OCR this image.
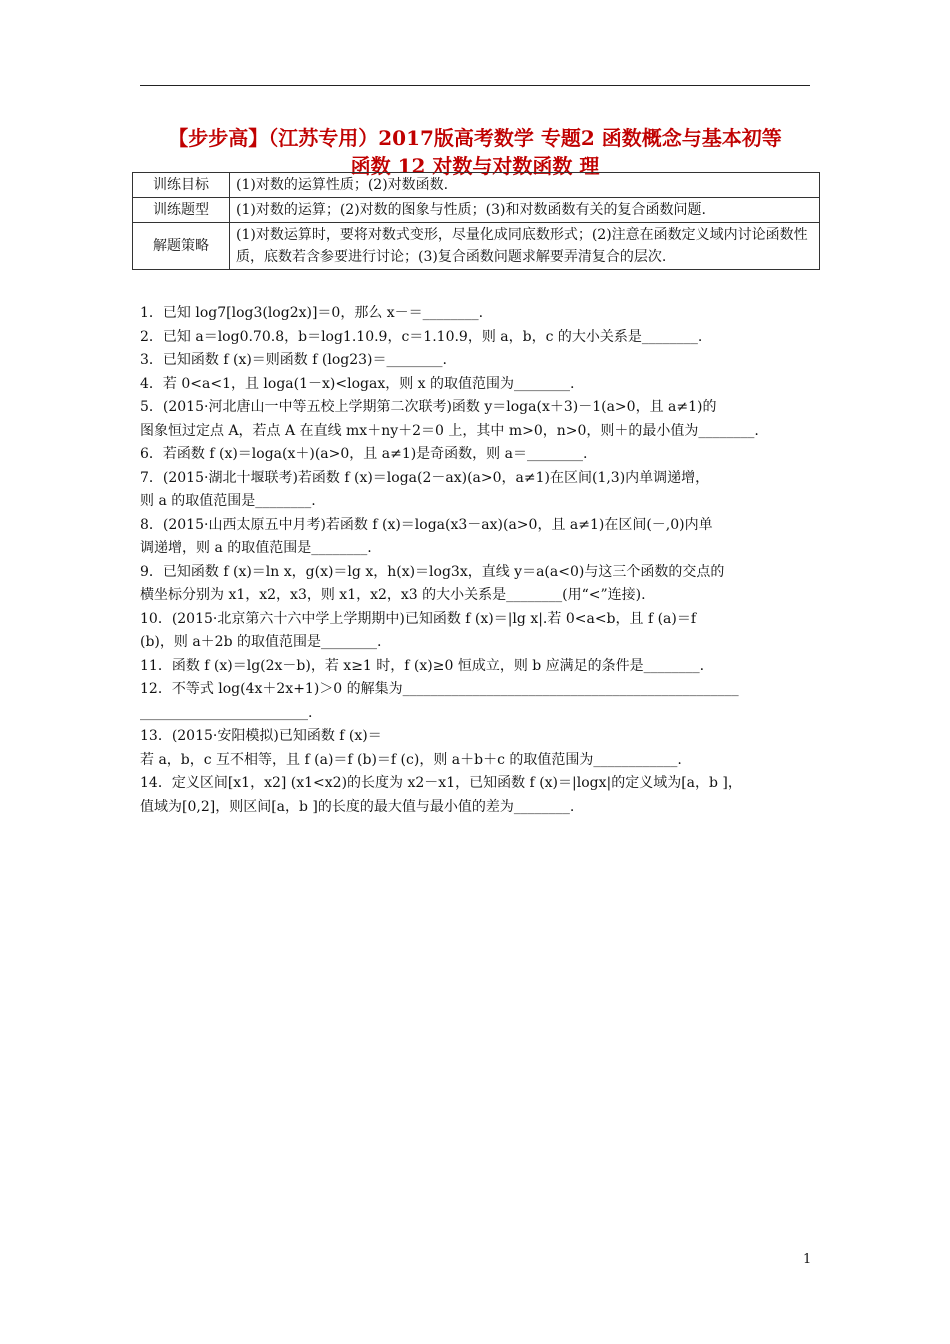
【步步高】（江苏专用）2017版高考数学 专题2 函数概念与基本初等
函数 12 对数与对数函数 理
训练目标	(1)对数的运算性质；(2)对数函数.
训练题型	(1)对数的运算；(2)对数的图象与性质；(3)和对数函数有关的复合函数问题.
解题策略	(1)对数运算时，要将对数式变形，尽量化成同底数形式；(2)注意在函数定义域内讨论函数性质，底数若含参要进行讨论；(3)复合函数问题求解要弄清复合的层次.
1．已知 log7[log3(log2x)]＝0，那么 x－＝________.
2．已知 a＝log0.70.8，b＝log1.10.9，c＝1.10.9，则 a，b，c 的大小关系是________.
3．已知函数 f (x)＝则函数 f (log23)＝________.
4．若 0<a<1，且 loga(1－x)<logax，则 x 的取值范围为________.
5．(2015·河北唐山一中等五校上学期第二次联考)函数 y＝loga(x＋3)－1(a>0，且 a≠1)的
图象恒过定点 A，若点 A 在直线 mx＋ny＋2＝0 上，其中 m>0，n>0，则＋的最小值为________.
6．若函数 f (x)＝loga(x＋)(a>0，且 a≠1)是奇函数，则 a＝________.
7．(2015·湖北十堰联考)若函数 f (x)＝loga(2－ax)(a>0，a≠1)在区间(1,3)内单调递增，
则 a 的取值范围是________.
8．(2015·山西太原五中月考)若函数 f (x)＝loga(x3－ax)(a>0，且 a≠1)在区间(－,0)内单
调递增，则 a 的取值范围是________.
9．已知函数 f (x)＝ln x，g(x)＝lg x，h(x)＝log3x，直线 y＝a(a<0)与这三个函数的交点的
横坐标分别为 x1，x2，x3，则 x1，x2，x3 的大小关系是________(用“<”连接).
10．(2015·北京第六十六中学上学期期中)已知函数 f (x)＝|lg x|.若 0<a<b，且 f (a)＝f
(b)，则 a＋2b 的取值范围是________.
11．函数 f (x)＝lg(2x－b)，若 x≥1 时，f (x)≥0 恒成立，则 b 应满足的条件是________.
12．不等式 log(4x＋2x+1)＞0 的解集为________________________________________________
________________________.
13．(2015·安阳模拟)已知函数 f (x)＝
若 a，b，c 互不相等，且 f (a)＝f (b)＝f (c)，则 a＋b＋c 的取值范围为____________.
14．定义区间[x1，x2] (x1<x2)的长度为 x2－x1，已知函数 f (x)＝|logx|的定义域为[a，b ]，
值域为[0,2]，则区间[a，b ]的长度的最大值与最小值的差为________.
1
